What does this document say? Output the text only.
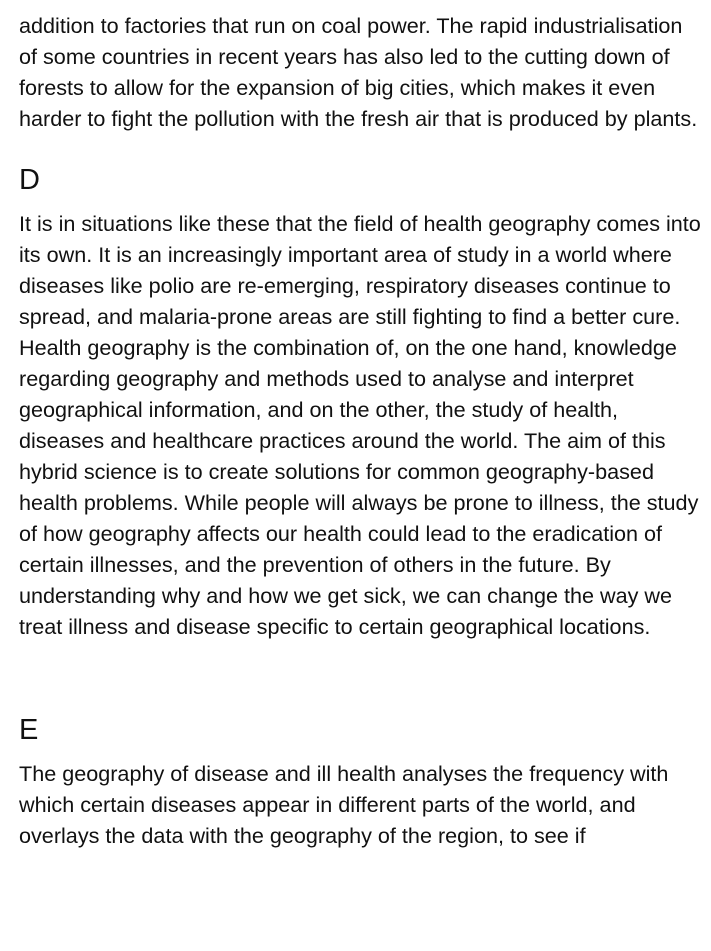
addition to factories that run on coal power. The rapid industrialisation of some countries in recent years has also led to the cutting down of forests to allow for the expansion of big cities, which makes it even harder to fight the pollution with the fresh air that is produced by plants.

D

It is in situations like these that the field of health geography comes into its own. It is an increasingly important area of study in a world where diseases like polio are re-emerging, respiratory diseases continue to spread, and malaria-prone areas are still fighting to find a better cure. Health geography is the combination of, on the one hand, knowledge regarding geography and methods used to analyse and interpret geographical information, and on the other, the study of health, diseases and healthcare practices around the world. The aim of this hybrid science is to create solutions for common geography-based health problems. While people will always be prone to illness, the study of how geography affects our health could lead to the eradication of certain illnesses, and the prevention of others in the future. By understanding why and how we get sick, we can change the way we treat illness and disease specific to certain geographical locations.

E

The geography of disease and ill health analyses the frequency with which certain diseases appear in different parts of the world, and overlays the data with the geography of the region, to see if
